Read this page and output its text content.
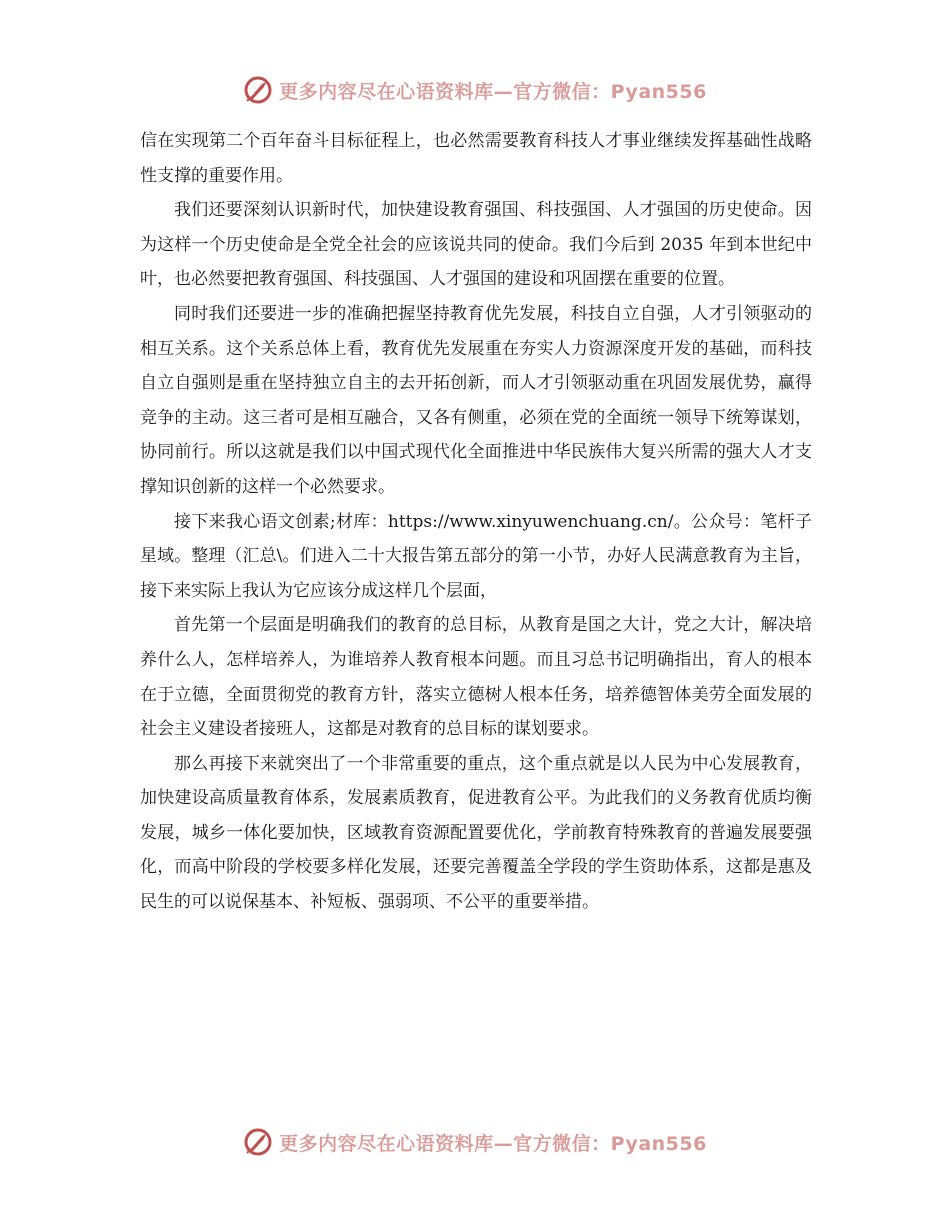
更多内容尽在心语资料库—官方微信：Pyan556

信在实现第二个百年奋斗目标征程上，也必然需要教育科技人才事业继续发挥基础性战略性支撑的重要作用。

我们还要深刻认识新时代，加快建设教育强国、科技强国、人才强国的历史使命。因为这样一个历史使命是全党全社会的应该说共同的使命。我们今后到 2035 年到本世纪中叶，也必然要把教育强国、科技强国、人才强国的建设和巩固摆在重要的位置。

同时我们还要进一步的准确把握坚持教育优先发展，科技自立自强，人才引领驱动的相互关系。这个关系总体上看，教育优先发展重在夯实人力资源深度开发的基础，而科技自立自强则是重在坚持独立自主的去开拓创新，而人才引领驱动重在巩固发展优势，赢得竞争的主动。这三者可是相互融合，又各有侧重，必须在党的全面统一领导下统筹谋划，协同前行。所以这就是我们以中国式现代化全面推进中华民族伟大复兴所需的强大人才支撑知识创新的这样一个必然要求。

接下来我心语文创素;材库：https://www.xinyuwenchuang.cn/。公众号：笔杆子星域。整理（汇总\。们进入二十大报告第五部分的第一小节，办好人民满意教育为主旨， 接下来实际上我认为它应该分成这样几个层面，

首先第一个层面是明确我们的教育的总目标，从教育是国之大计，党之大计，解决培养什么人，怎样培养人，为谁培养人教育根本问题。而且习总书记明确指出，育人的根本在于立德，全面贯彻党的教育方针，落实立德树人根本任务，培养德智体美劳全面发展的社会主义建设者接班人，这都是对教育的总目标的谋划要求。

那么再接下来就突出了一个非常重要的重点，这个重点就是以人民为中心发展教育，加快建设高质量教育体系，发展素质教育，促进教育公平。为此我们的义务教育优质均衡发展，城乡一体化要加快，区域教育资源配置要优化，学前教育特殊教育的普遍发展要强化，而高中阶段的学校要多样化发展，还要完善覆盖全学段的学生资助体系，这都是惠及民生的可以说保基本、补短板、强弱项、不公平的重要举措。

更多内容尽在心语资料库—官方微信：Pyan556
